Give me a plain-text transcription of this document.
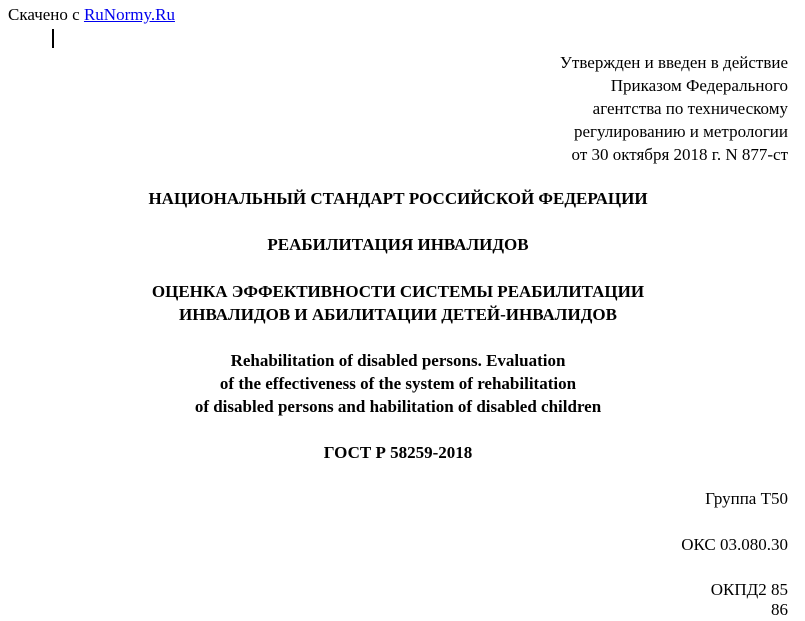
Скачено с RuNormy.Ru
Утвержден и введен в действие
Приказом Федерального
агентства по техническому
регулированию и метрологии
от 30 октября 2018 г. N 877-ст
НАЦИОНАЛЬНЫЙ СТАНДАРТ РОССИЙСКОЙ ФЕДЕРАЦИИ
РЕАБИЛИТАЦИЯ ИНВАЛИДОВ
ОЦЕНКА ЭФФЕКТИВНОСТИ СИСТЕМЫ РЕАБИЛИТАЦИИ
ИНВАЛИДОВ И АБИЛИТАЦИИ ДЕТЕЙ-ИНВАЛИДОВ
Rehabilitation of disabled persons. Evaluation
of the effectiveness of the system of rehabilitation
of disabled persons and habilitation of disabled children
ГОСТ Р 58259-2018
Группа Т50
ОКС 03.080.30
ОКПД2 85
86
